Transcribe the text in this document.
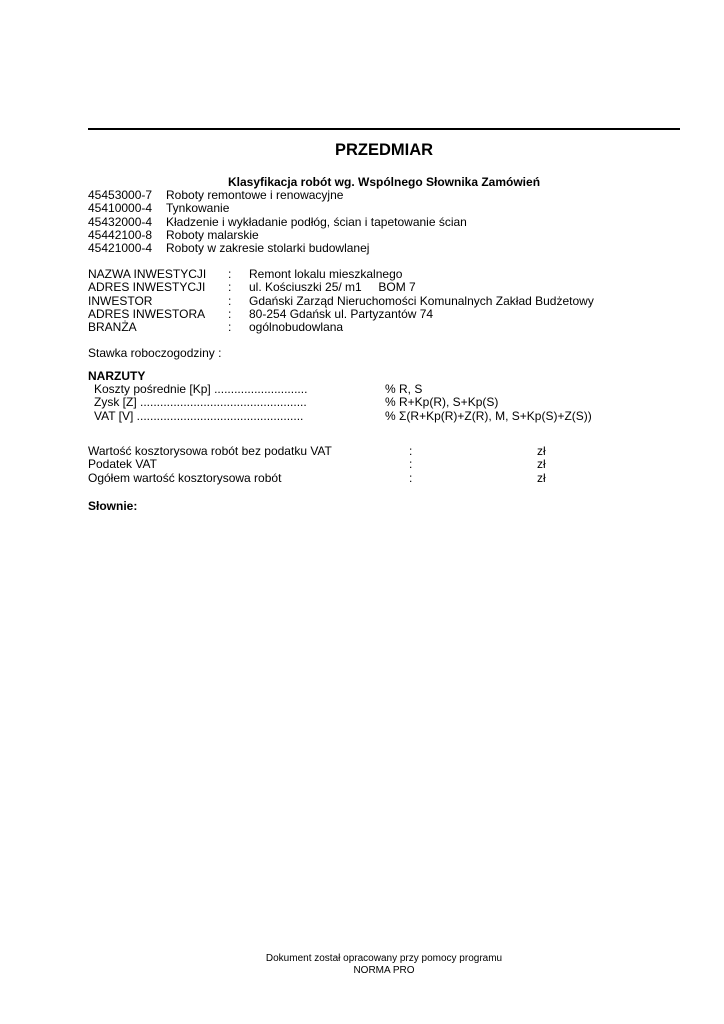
PRZEDMIAR
Klasyfikacja robót wg. Wspólnego Słownika Zamówień
45453000-7	Roboty remontowe i renowacyjne
45410000-4	Tynkowanie
45432000-4	Kładzenie i wykładanie podłóg, ścian i tapetowanie ścian
45442100-8	Roboty malarskie
45421000-4	Roboty w zakresie stolarki budowlanej
NAZWA INWESTYCJI	:	Remont lokalu mieszkalnego
ADRES INWESTYCJI	:	ul. Kościuszki 25/ m1     BOM 7
INWESTOR	:	Gdański Zarząd Nieruchomości Komunalnych Zakład Budżetowy
ADRES INWESTORA	:	80-254 Gdańsk ul. Partyzantów 74
BRANŻA	:	ogólnobudowlana
Stawka roboczogodziny :
NARZUTY
Koszty pośrednie [Kp] ............................	% R, S
Zysk [Z] ..................................................	% R+Kp(R), S+Kp(S)
VAT [V] ..................................................	% Σ(R+Kp(R)+Z(R), M, S+Kp(S)+Z(S))
Wartość kosztorysowa robót bez podatku VAT	:	zł
Podatek VAT	:	zł
Ogółem wartość kosztorysowa robót	:	zł
Słownie:
Dokument został opracowany przy pomocy programu
NORMA PRO
